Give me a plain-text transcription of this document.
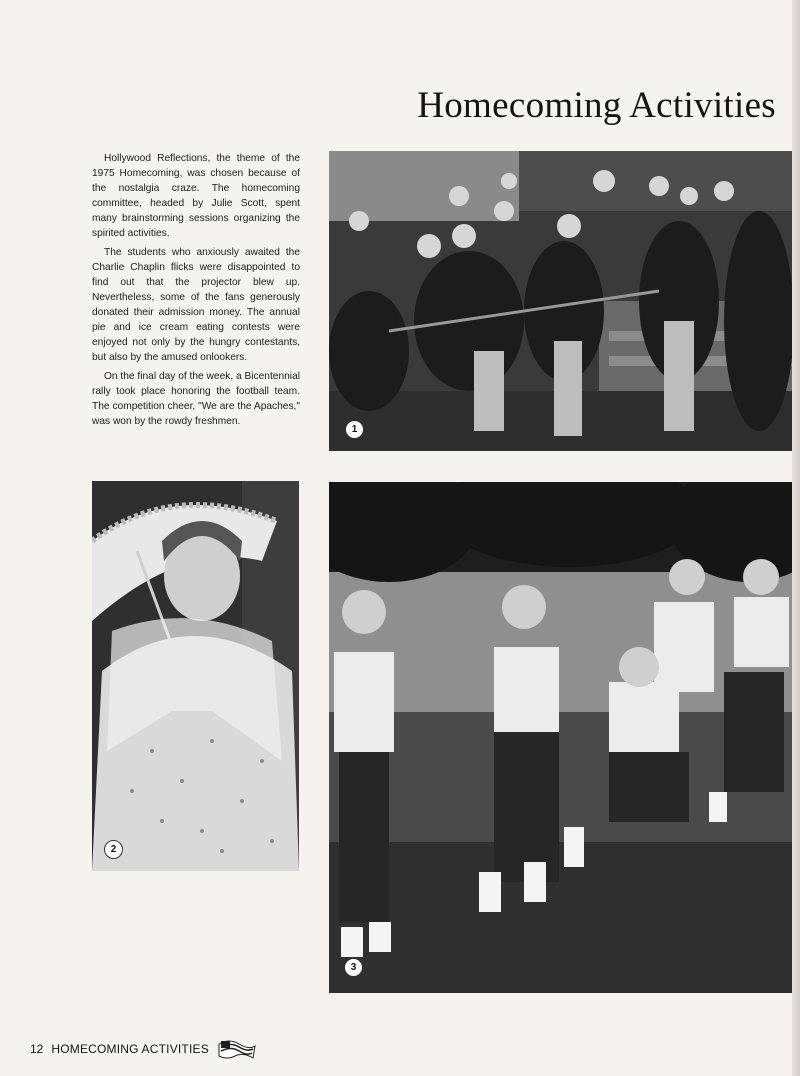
Homecoming Activities

Hollywood Reflections, the theme of the 1975 Homecoming, was chosen because of the nostalgia craze. The homecoming committee, headed by Julie Scott, spent many brainstorming sessions organizing the spirited activities.

The students who anxiously awaited the Charlie Chaplin flicks were disappointed to find out that the projector blew up. Nevertheless, some of the fans generously donated their admission money. The annual pie and ice cream eating contests were enjoyed not only by the hungry contestants, but also by the amused onlookers.

On the final day of the week, a Bicentennial rally took place honoring the football team. The competition cheer, "We are the Apaches," was won by the rowdy freshmen.

1
2
3
12 HOMECOMING ACTIVITIES
